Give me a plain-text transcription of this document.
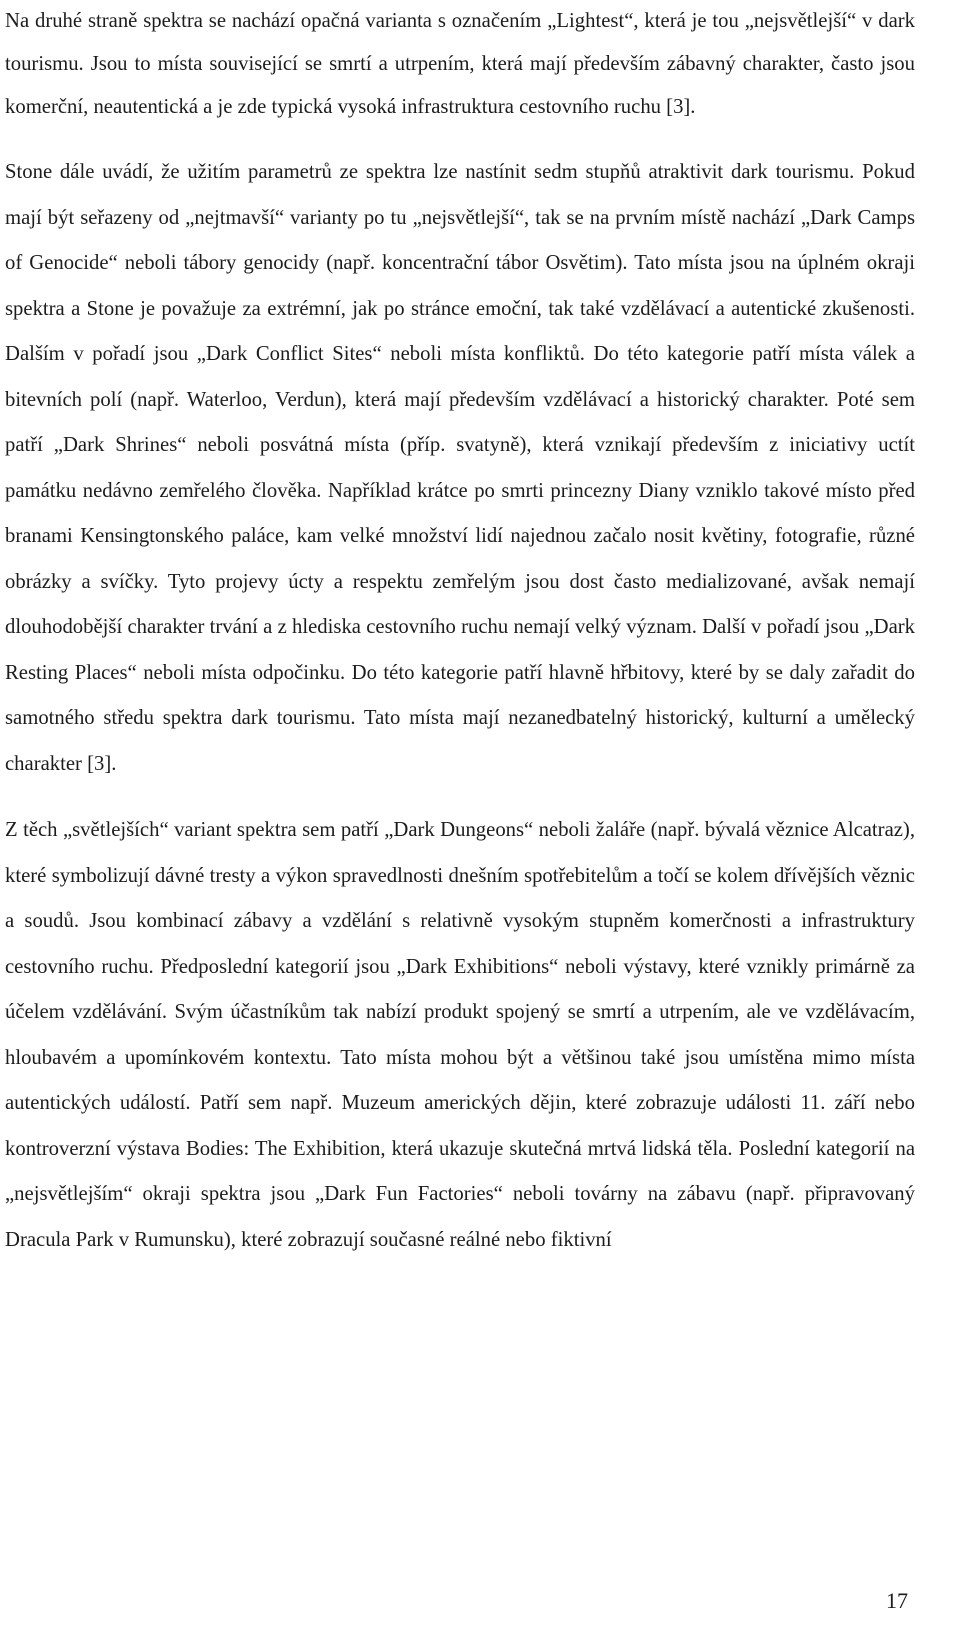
Na druhé straně spektra se nachází opačná varianta s označením „Lightest“, která je tou „nejsvětlejší“ v dark tourismu. Jsou to místa související se smrtí a utrpením, která mají především zábavný charakter, často jsou komerční, neautentická a je zde typická vysoká infrastruktura cestovního ruchu [3].

Stone dále uvádí, že užitím parametrů ze spektra lze nastínit sedm stupňů atraktivit dark tourismu. Pokud mají být seřazeny od „nejtmavší“ varianty po tu „nejsvětlejší“, tak se na prvním místě nachází „Dark Camps of Genocide“ neboli tábory genocidy (např. koncentrační tábor Osvětim). Tato místa jsou na úplném okraji spektra a Stone je považuje za extrémní, jak po stránce emoční, tak také vzdělávací a autentické zkušenosti. Dalším v pořadí jsou „Dark Conflict Sites“ neboli místa konfliktů. Do této kategorie patří místa válek a bitevních polí (např. Waterloo, Verdun), která mají především vzdělávací a historický charakter. Poté sem patří „Dark Shrines“ neboli posvátná místa (příp. svatyně), která vznikají především z iniciativy uctít památku nedávno zemřelého člověka. Například krátce po smrti princezny Diany vzniklo takové místo před branami Kensingtonského paláce, kam velké množství lidí najednou začalo nosit květiny, fotografie, různé obrázky a svíčky. Tyto projevy úcty a respektu zemřelým jsou dost často medializované, avšak nemají dlouhodobější charakter trvání a z hlediska cestovního ruchu nemají velký význam. Další v pořadí jsou „Dark Resting Places“ neboli místa odpočinku. Do této kategorie patří hlavně hřbitovy, které by se daly zařadit do samotného středu spektra dark tourismu. Tato místa mají nezanedbatelný historický, kulturní a umělecký charakter [3].

Z těch „světlejších“ variant spektra sem patří „Dark Dungeons“ neboli žaláře (např. bývalá věznice Alcatraz), které symbolizují dávné tresty a výkon spravedlnosti dnešním spotřebitelům a točí se kolem dřívějších věznic a soudů. Jsou kombinací zábavy a vzdělání s relativně vysokým stupněm komerčnosti a infrastruktury cestovního ruchu. Předposlední kategorií jsou „Dark Exhibitions“ neboli výstavy, které vznikly primárně za účelem vzdělávání. Svým účastníkům tak nabízí produkt spojený se smrtí a utrpením, ale ve vzdělávacím, hloubavém a upomínkovém kontextu. Tato místa mohou být a většinou také jsou umístěna mimo místa autentických událostí. Patří sem např. Muzeum amerických dějin, které zobrazuje události 11. září nebo kontroverzní výstava Bodies: The Exhibition, která ukazuje skutečná mrtvá lidská těla. Poslední kategorií na „nejsvětlejším“ okraji spektra jsou „Dark Fun Factories“ neboli továrny na zábavu (např. připravovaný Dracula Park v Rumunsku), které zobrazují současné reálné nebo fiktivní

17
